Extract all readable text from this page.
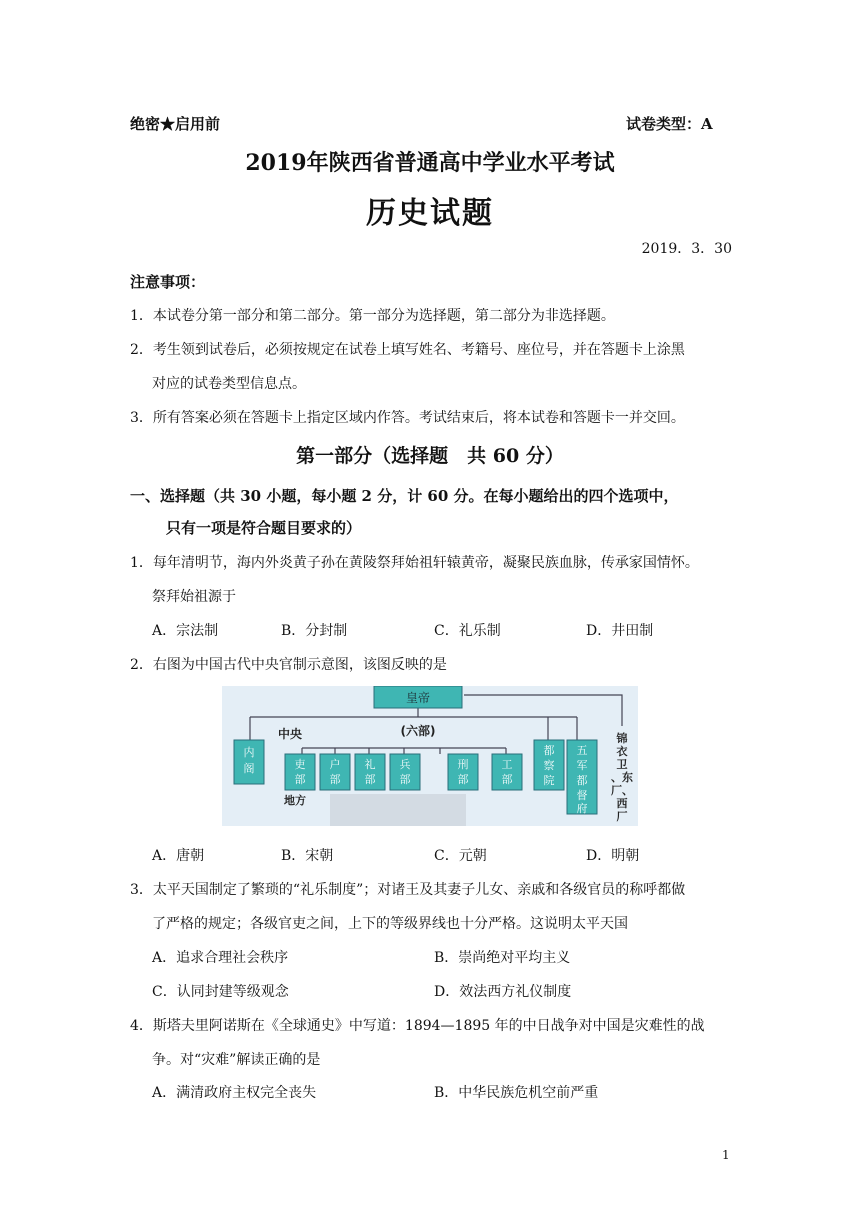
绝密★启用前	试卷类型：A
2019年陕西省普通高中学业水平考试
历史试题
2019．3．30
注意事项：
1．本试卷分第一部分和第二部分。第一部分为选择题，第二部分为非选择题。
2．考生领到试卷后，必须按规定在试卷上填写姓名、考籍号、座位号，并在答题卡上涂黑
对应的试卷类型信息点。
3．所有答案必须在答题卡上指定区域内作答。考试结束后，将本试卷和答题卡一并交回。
第一部分（选择题　共 60 分）
一、选择题（共 30 小题，每小题 2 分，计 60 分。在每小题给出的四个选项中，
只有一项是符合题目要求的）
1．每年清明节，海内外炎黄子孙在黄陵祭拜始祖轩辕黄帝，凝聚民族血脉，传承家国情怀。
祭拜始祖源于
A．宗法制	B．分封制	C．礼乐制	D．井田制
2．右图为中国古代中央官制示意图，该图反映的是
皇帝
中央	(六部)
地方
内
阁	吏
部
户
部
礼
部
兵
部
刑
部
工
部
都
察
院
五
军
都
督
府
锦
衣
卫
、东
厂、
西
厂
A．唐朝	B．宋朝	C．元朝	D．明朝
3．太平天国制定了繁琐的“礼乐制度”；对诸王及其妻子儿女、亲戚和各级官员的称呼都做
了严格的规定；各级官吏之间，上下的等级界线也十分严格。这说明太平天国
A．追求合理社会秩序	B．崇尚绝对平均主义
C．认同封建等级观念	D．效法西方礼仪制度
4．斯塔夫里阿诺斯在《全球通史》中写道：1894—1895 年的中日战争对中国是灾难性的战
争。对“灾难”解读正确的是
A．满清政府主权完全丧失	B．中华民族危机空前严重
1
